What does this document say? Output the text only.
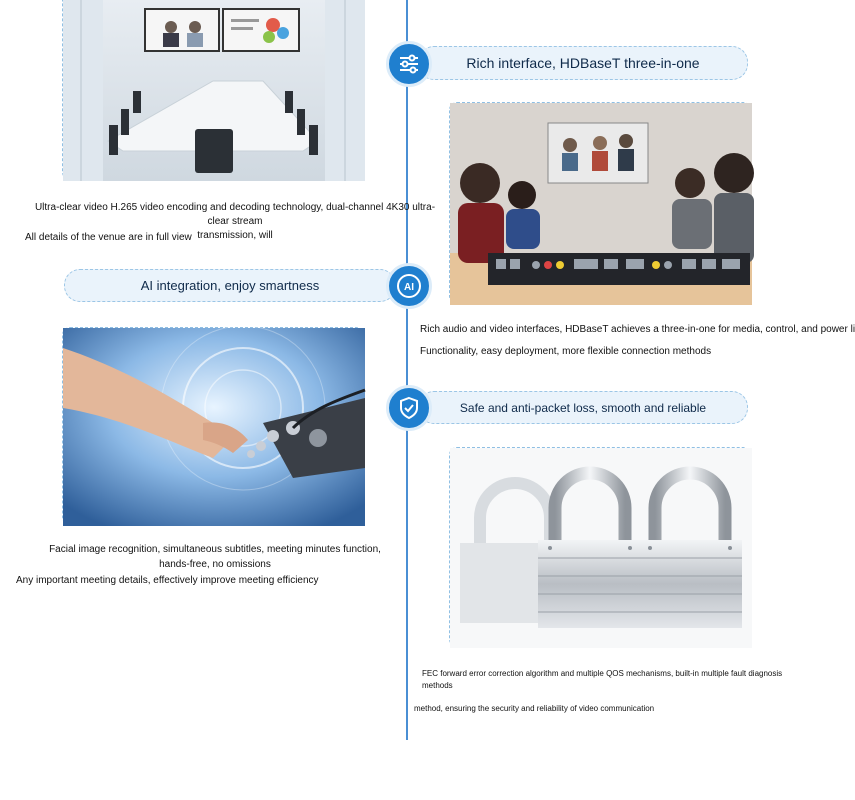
Ultra-clear video H.265 video encoding and decoding technology, dual-channel 4K30 ultra-clear stream
transmission, will
All details of the venue are in full view
Rich interface, HDBaseT three-in-one
Rich audio and video interfaces, HDBaseT achieves a three-in-one for media, control, and power li
Functionality, easy deployment, more flexible connection methods
AI integration, enjoy smartness	AI
Facial image recognition, simultaneous subtitles, meeting minutes function,
hands-free, no omissions
Any important meeting details, effectively improve meeting efficiency
Safe and anti-packet loss, smooth and reliable
FEC forward error correction algorithm and multiple QOS mechanisms, built-in multiple fault diagnosis methods
method, ensuring the security and reliability of video communication
